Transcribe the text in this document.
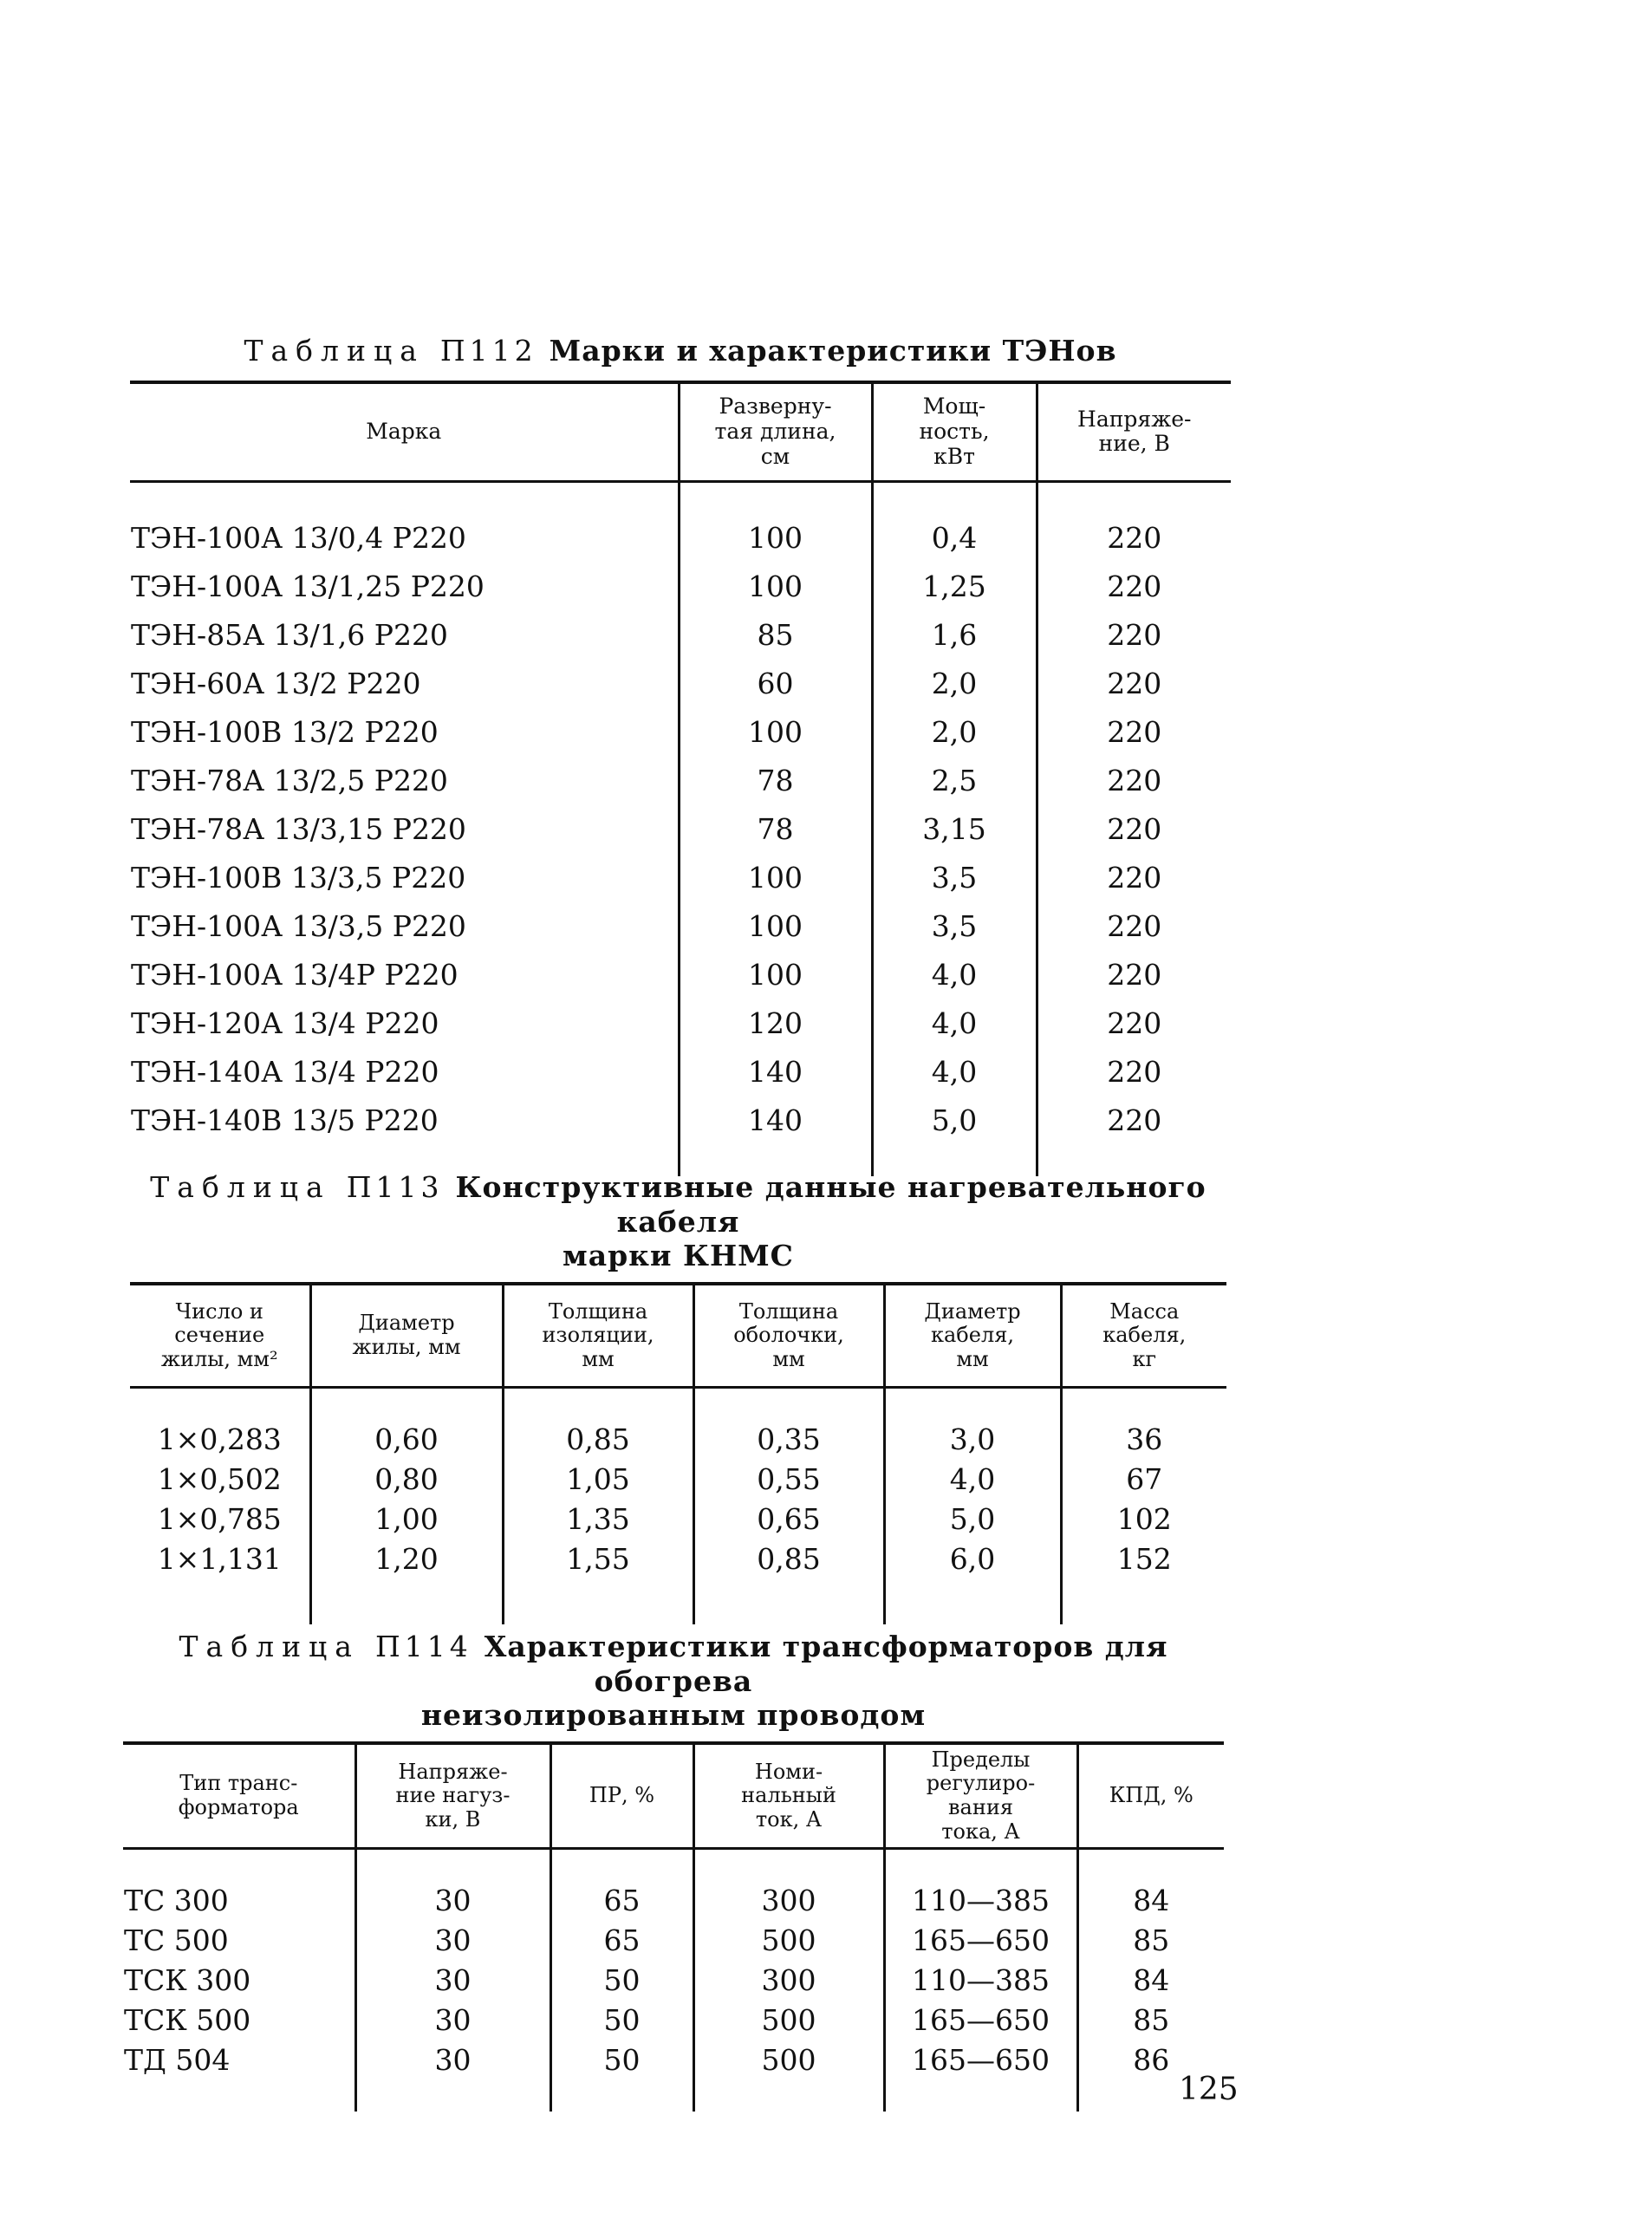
Таблица П112 Марки и характеристики ТЭНов
Марка	Разверну-
тая длина,
см	Мощ-
ность,
кВт	Напряже-
ние, В

ТЭН-100А 13/0,4 Р220	100	0,4	220
ТЭН-100А 13/1,25 Р220	100	1,25	220
ТЭН-85А 13/1,6 Р220	85	1,6	220
ТЭН-60А 13/2 Р220	60	2,0	220
ТЭН-100В 13/2 Р220	100	2,0	220
ТЭН-78А 13/2,5 Р220	78	2,5	220
ТЭН-78А 13/3,15 Р220	78	3,15	220
ТЭН-100В 13/3,5 Р220	100	3,5	220
ТЭН-100А 13/3,5 Р220	100	3,5	220
ТЭН-100А 13/4Р Р220	100	4,0	220
ТЭН-120А 13/4 Р220	120	4,0	220
ТЭН-140А 13/4 Р220	140	4,0	220
ТЭН-140В 13/5 Р220	140	5,0	220

Таблица П113 Конструктивные данные нагревательного кабеля
марки КНМС
Число и
сечение
жилы, мм²	Диаметр
жилы, мм	Толщина
изоляции,
мм	Толщина
оболочки,
мм	Диаметр
кабеля,
мм	Масса
кабеля,
кг

1×0,283	0,60	0,85	0,35	3,0	36
1×0,502	0,80	1,05	0,55	4,0	67
1×0,785	1,00	1,35	0,65	5,0	102
1×1,131	1,20	1,55	0,85	6,0	152

Таблица П114 Характеристики трансформаторов для обогрева
неизолированным проводом
Тип транс-
форматора	Напряже-
ние нагуз-
ки, В	ПР, %	Номи-
нальный
ток, А	Пределы
регулиро-
вания
тока, А	КПД, %

ТС 300	30	65	300	110—385	84
ТС 500	30	65	500	165—650	85
ТСК 300	30	50	300	110—385	84
ТСК 500	30	50	500	165—650	85
ТД 504	30	50	500	165—650	86

125
